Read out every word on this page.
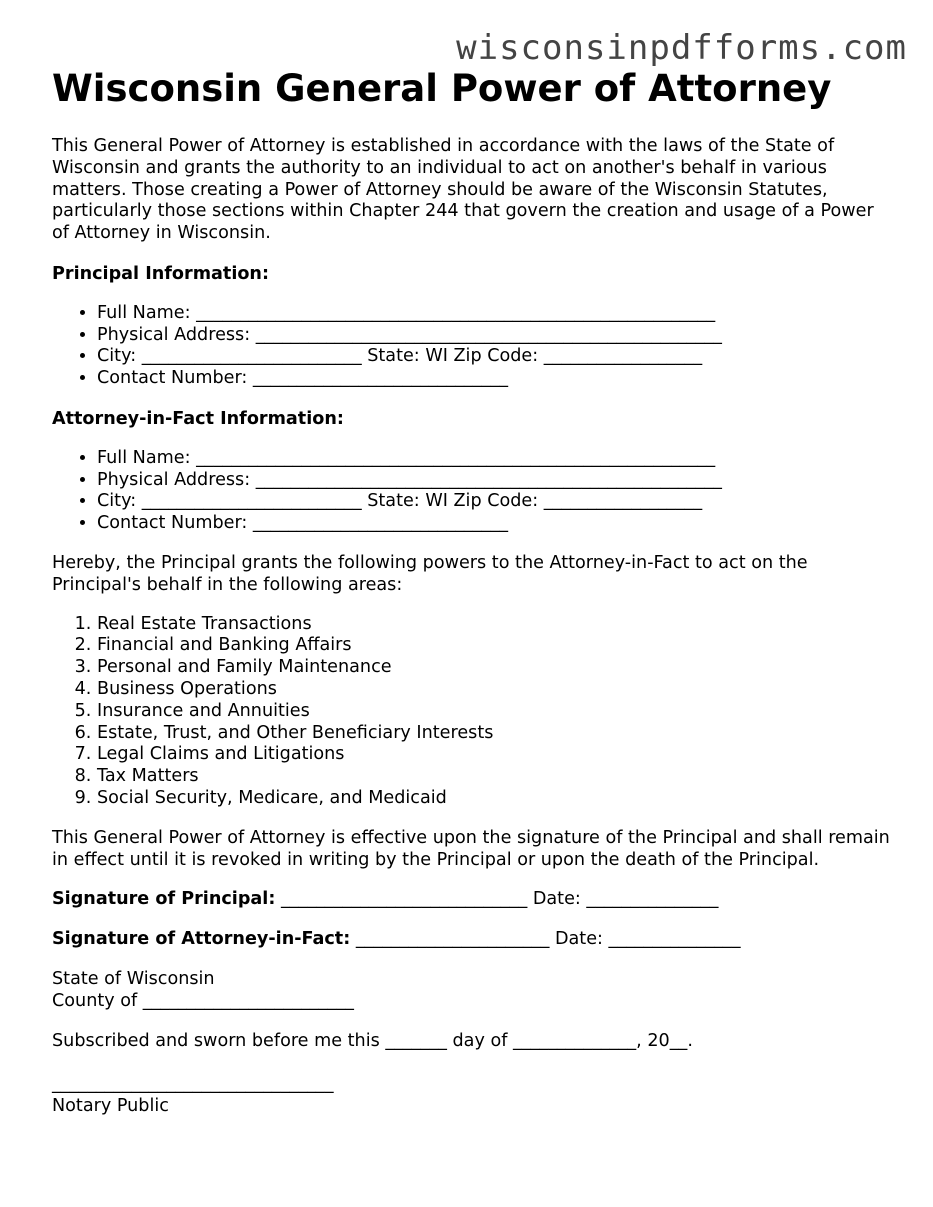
wisconsinpdfforms.com
Wisconsin General Power of Attorney

This General Power of Attorney is established in accordance with the laws of the State of Wisconsin and grants the authority to an individual to act on another's behalf in various matters. Those creating a Power of Attorney should be aware of the Wisconsin Statutes, particularly those sections within Chapter 244 that govern the creation and usage of a Power of Attorney in Wisconsin.

Principal Information:

• Full Name: ___________________________________________________________
• Physical Address: _____________________________________________________
• City: _________________________ State: WI Zip Code: __________________
• Contact Number: _____________________________

Attorney-in-Fact Information:

• Full Name: ___________________________________________________________
• Physical Address: _____________________________________________________
• City: _________________________ State: WI Zip Code: __________________
• Contact Number: _____________________________

Hereby, the Principal grants the following powers to the Attorney-in-Fact to act on the Principal's behalf in the following areas:

1. Real Estate Transactions
2. Financial and Banking Affairs
3. Personal and Family Maintenance
4. Business Operations
5. Insurance and Annuities
6. Estate, Trust, and Other Beneficiary Interests
7. Legal Claims and Litigations
8. Tax Matters
9. Social Security, Medicare, and Medicaid

This General Power of Attorney is effective upon the signature of the Principal and shall remain in effect until it is revoked in writing by the Principal or upon the death of the Principal.

Signature of Principal: ____________________________ Date: _______________

Signature of Attorney-in-Fact: ______________________ Date: _______________

State of Wisconsin

County of ________________________

Subscribed and sworn before me this _______ day of ______________, 20__.

________________________________

Notary Public
